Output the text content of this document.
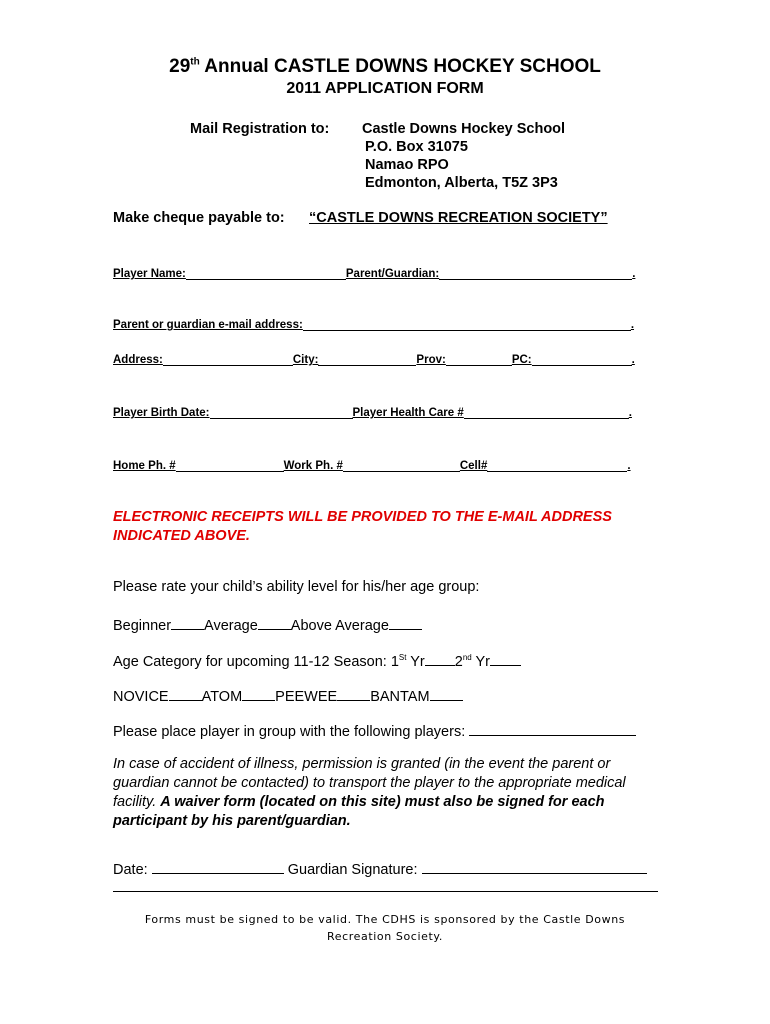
29th Annual CASTLE DOWNS HOCKEY SCHOOL
2011 APPLICATION FORM
Mail Registration to: Castle Downs Hockey School
P.O. Box 31075
Namao RPO
Edmonton, Alberta, T5Z 3P3
Make cheque payable to: “CASTLE DOWNS RECREATION SOCIETY”
Player Name:	Parent/Guardian:	.
Parent or guardian e-mail address:	.
Address:	City:	Prov:	PC:	.
Player Birth Date:	Player Health Care #	.
Home Ph. #	Work Ph. #	Cell#	.
ELECTRONIC RECEIPTS WILL BE PROVIDED TO THE E-MAIL ADDRESS
INDICATED ABOVE.
Please rate your child’s ability level for his/her age group:
Beginner Average Above Average
Age Category for upcoming 11-12 Season: 1St Yr 2nd Yr
NOVICE ATOM PEEWEE BANTAM
Please place player in group with the following players:
In case of accident of illness, permission is granted (in the event the parent or guardian cannot be contacted) to transport the player to the appropriate medical facility. A waiver form (located on this site) must also be signed for each participant by his parent/guardian.
Date:	Guardian Signature:
Forms must be signed to be valid. The CDHS is sponsored by the Castle Downs
Recreation Society.
